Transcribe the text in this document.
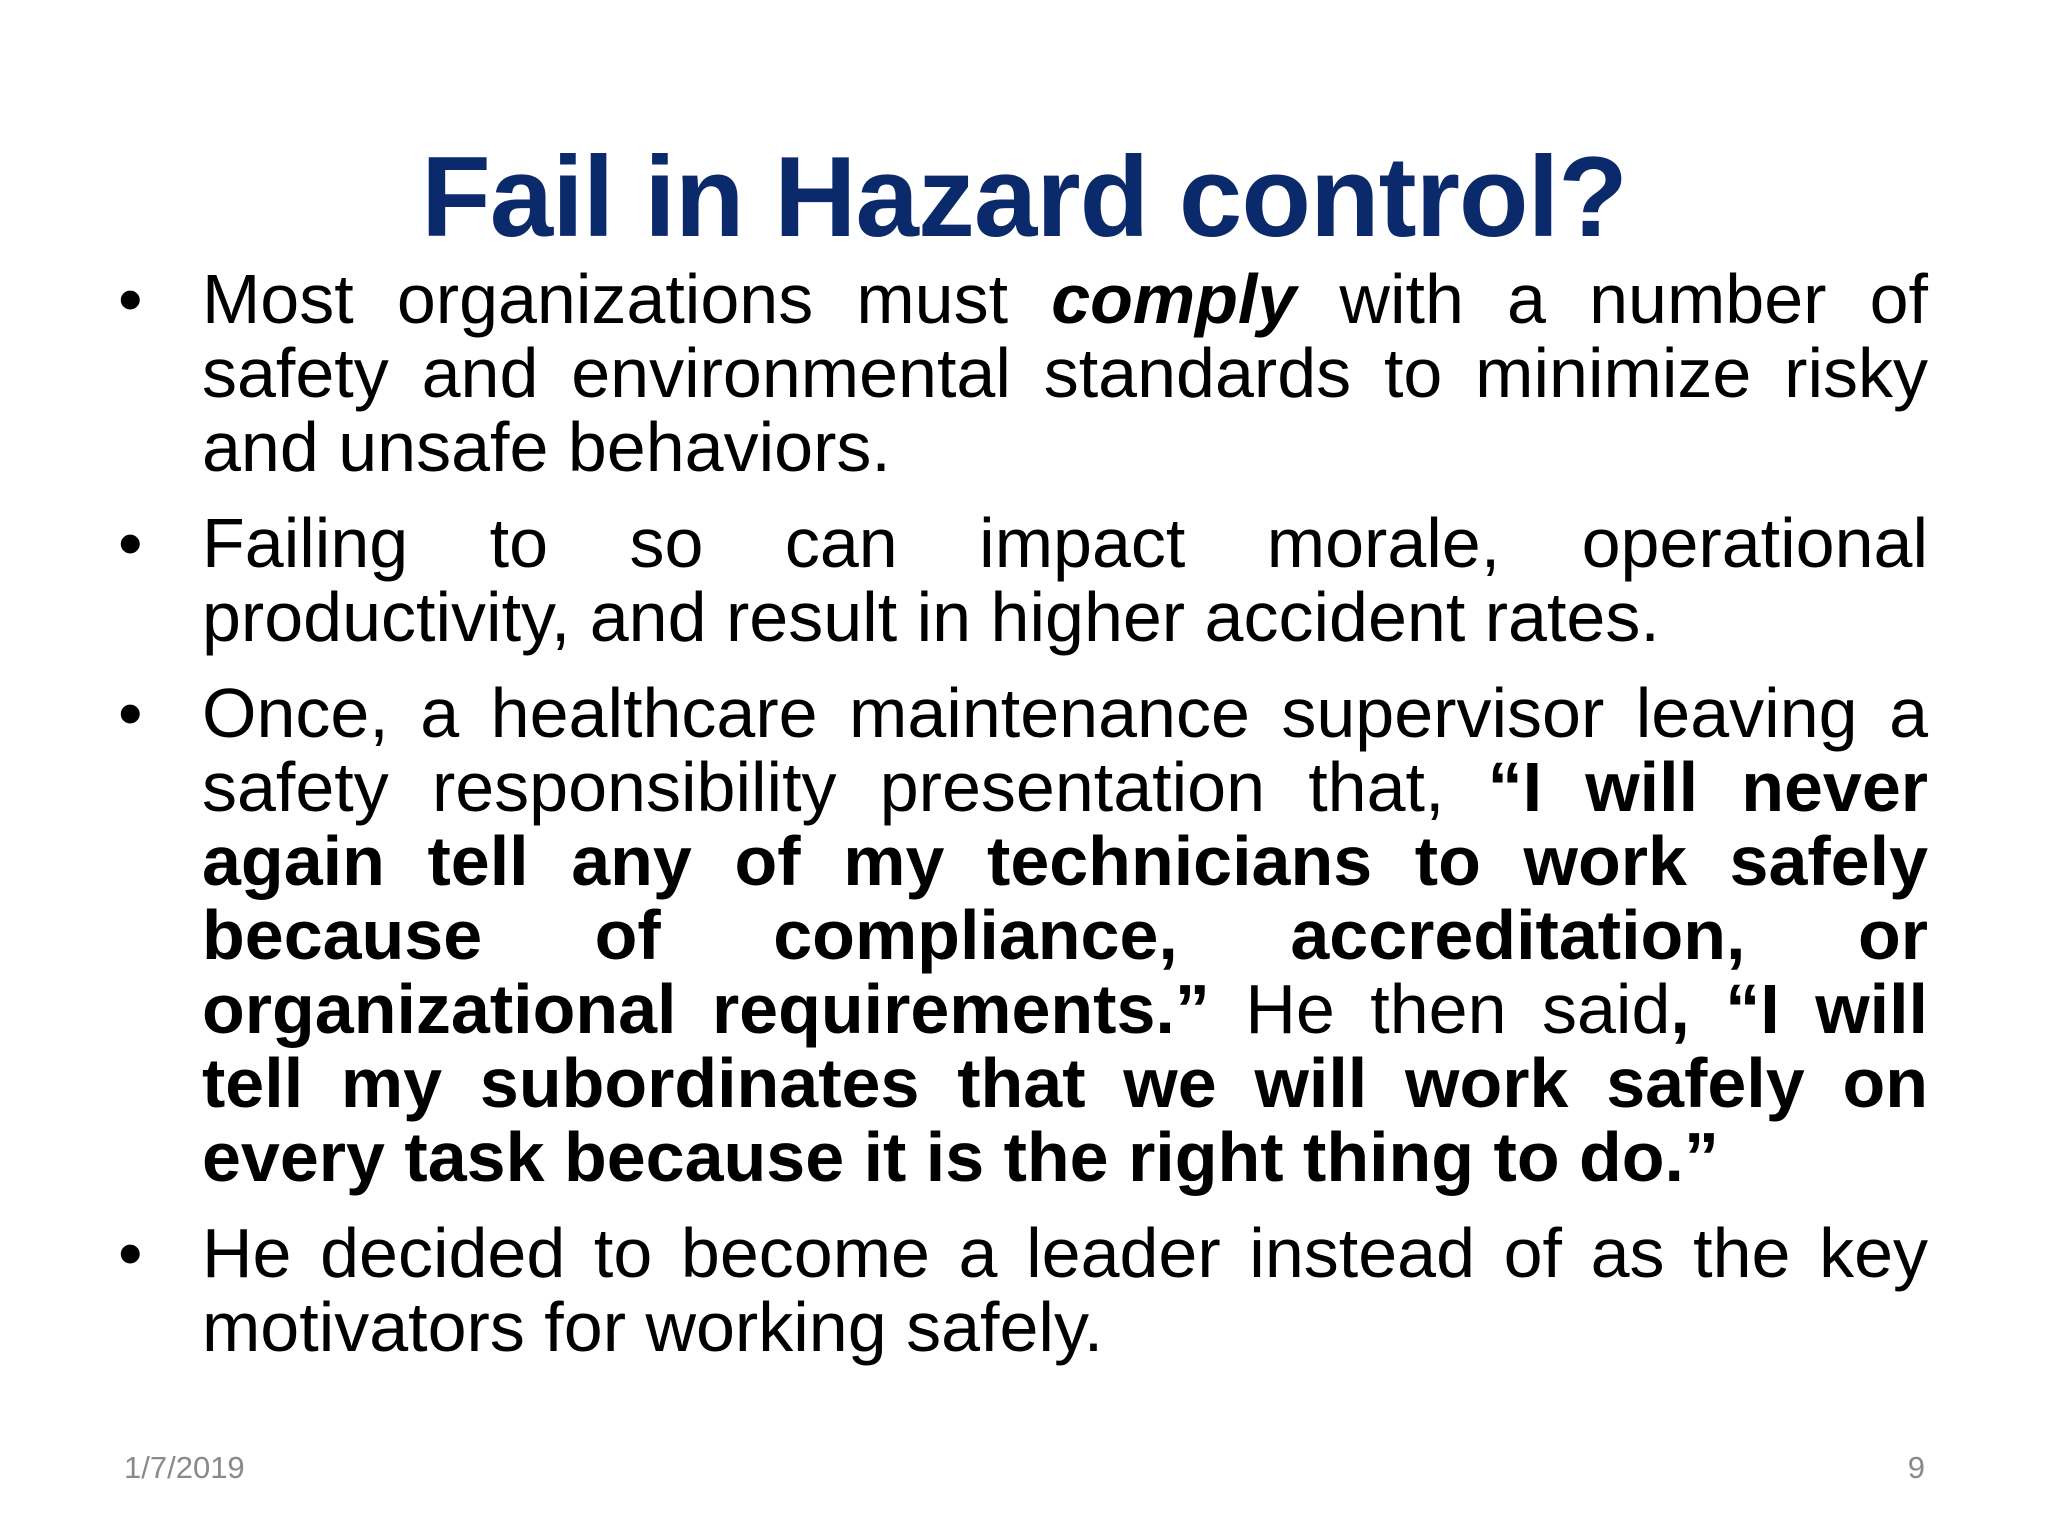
Fail in Hazard control?
• Most organizations must comply with a number of safety and environmental standards to minimize risky and unsafe behaviors.
• Failing to so can impact morale, operational productivity, and result in higher accident rates.
• Once, a healthcare maintenance supervisor leaving a safety responsibility presentation that, “I will never again tell any of my technicians to work safely because of compliance, accreditation, or organizational requirements.” He then said, “I will tell my subordinates that we will work safely on every task because it is the right thing to do.”
• He decided to become a leader instead of as the key motivators for working safely.
1/7/2019	9
